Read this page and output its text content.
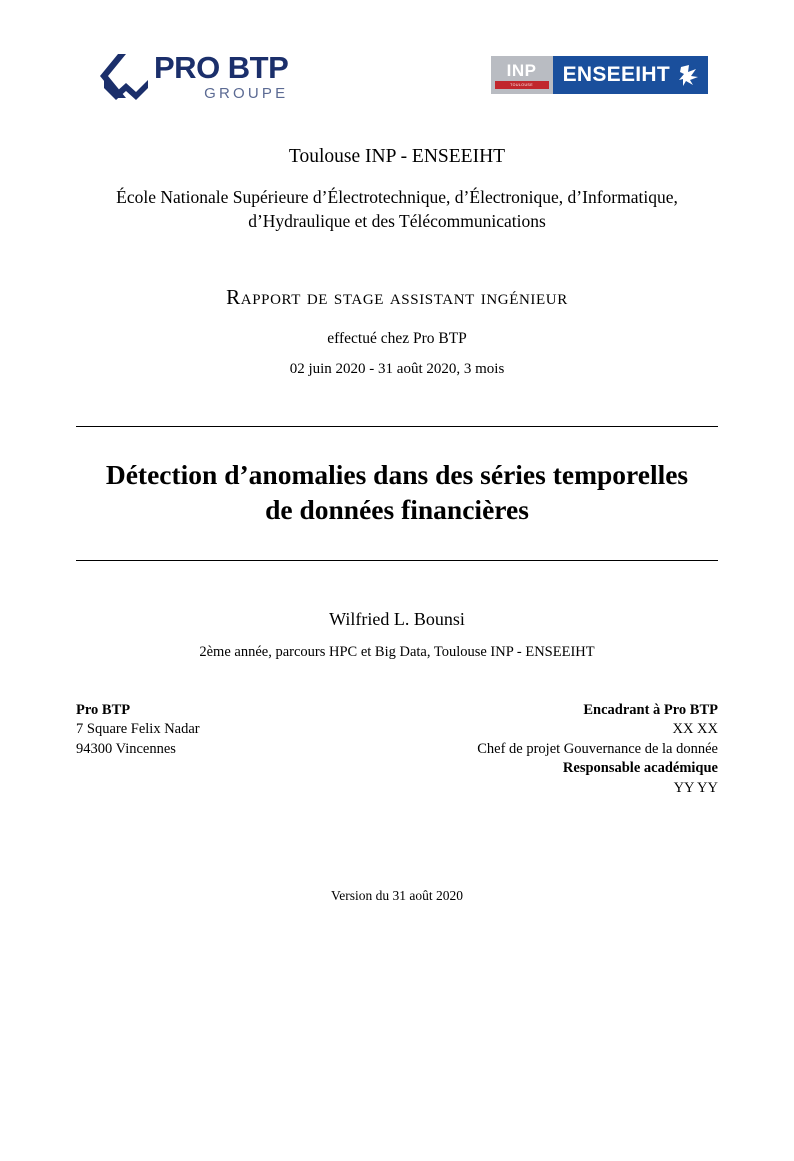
PRO BTP
GROUPE
INP
TOULOUSE ENSEEIHT
Toulouse INP - ENSEEIHT
École Nationale Supérieure d’Électrotechnique, d’Électronique, d’Informatique,
d’Hydraulique et des Télécommunications
Rapport de stage assistant ingénieur
effectué chez Pro BTP
02 juin 2020 - 31 août 2020, 3 mois
Détection d’anomalies dans des séries temporelles
de données financières
Wilfried L. Bounsi
2ème année, parcours HPC et Big Data, Toulouse INP - ENSEEIHT
Pro BTP
7 Square Felix Nadar
94300 Vincennes
Encadrant à Pro BTP
XX XX
Chef de projet Gouvernance de la donnée
Responsable académique
YY YY
Version du 31 août 2020
